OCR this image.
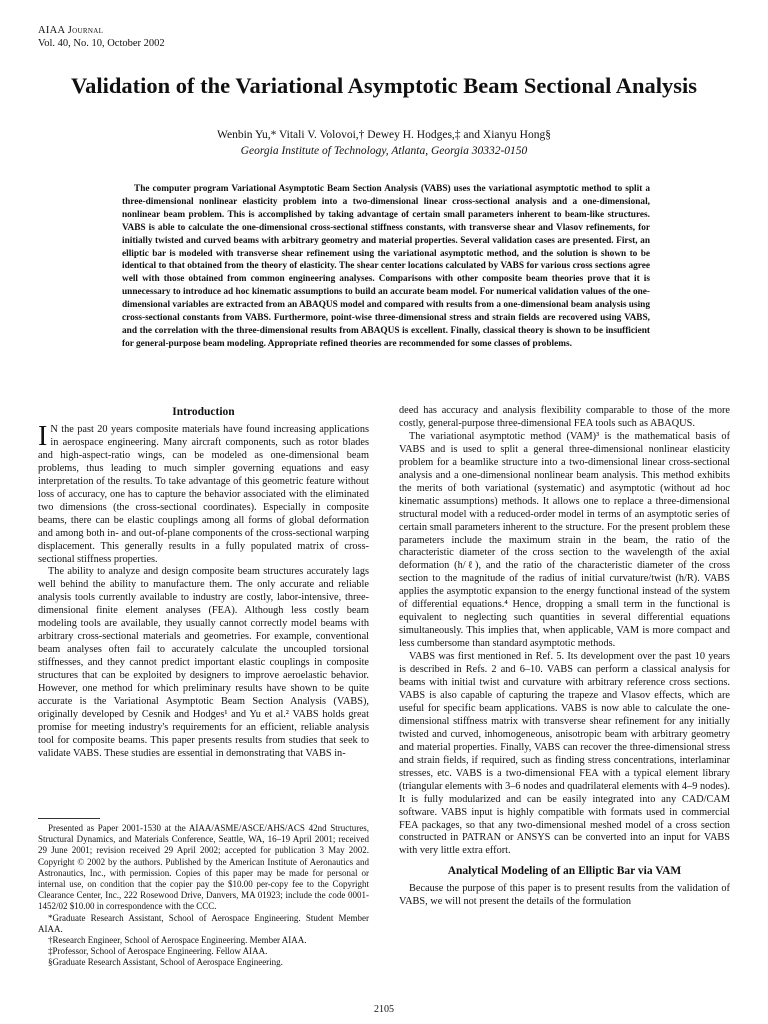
AIAA Journal
Vol. 40, No. 10, October 2002
Validation of the Variational Asymptotic Beam Sectional Analysis
Wenbin Yu,* Vitali V. Volovoi,† Dewey H. Hodges,‡ and Xianyu Hong§
Georgia Institute of Technology, Atlanta, Georgia 30332-0150
The computer program Variational Asymptotic Beam Section Analysis (VABS) uses the variational asymptotic method to split a three-dimensional nonlinear elasticity problem into a two-dimensional linear cross-sectional analysis and a one-dimensional, nonlinear beam problem. This is accomplished by taking advantage of certain small parameters inherent to beam-like structures. VABS is able to calculate the one-dimensional cross-sectional stiffness constants, with transverse shear and Vlasov refinements, for initially twisted and curved beams with arbitrary geometry and material properties. Several validation cases are presented. First, an elliptic bar is modeled with transverse shear refinement using the variational asymptotic method, and the solution is shown to be identical to that obtained from the theory of elasticity. The shear center locations calculated by VABS for various cross sections agree well with those obtained from common engineering analyses. Comparisons with other composite beam theories prove that it is unnecessary to introduce ad hoc kinematic assumptions to build an accurate beam model. For numerical validation values of the one-dimensional variables are extracted from an ABAQUS model and compared with results from a one-dimensional beam analysis using cross-sectional constants from VABS. Furthermore, point-wise three-dimensional stress and strain fields are recovered using VABS, and the correlation with the three-dimensional results from ABAQUS is excellent. Finally, classical theory is shown to be insufficient for general-purpose beam modeling. Appropriate refined theories are recommended for some classes of problems.
Introduction

I N the past 20 years composite materials have found increasing applications in aerospace engineering. Many aircraft components, such as rotor blades and high-aspect-ratio wings, can be modeled as one-dimensional beam problems, thus leading to much simpler governing equations and easy interpretation of the results. To take advantage of this geometric feature without loss of accuracy, one has to capture the behavior associated with the eliminated two dimensions (the cross-sectional coordinates). Especially in composite beams, there can be elastic couplings among all forms of global deformation and among both in- and out-of-plane components of the cross-sectional warping displacement. This generally results in a fully populated matrix of cross-sectional stiffness properties.

The ability to analyze and design composite beam structures accurately lags well behind the ability to manufacture them. The only accurate and reliable analysis tools currently available to industry are costly, labor-intensive, three-dimensional finite element analyses (FEA). Although less costly beam modeling tools are available, they usually cannot correctly model beams with arbitrary cross-sectional materials and geometries. For example, conventional beam analyses often fail to accurately calculate the uncoupled torsional stiffnesses, and they cannot predict important elastic couplings in composite structures that can be exploited by designers to improve aeroelastic behavior. However, one method for which preliminary results have shown to be quite accurate is the Variational Asymptotic Beam Section Analysis (VABS), originally developed by Cesnik and Hodges¹ and Yu et al.² VABS holds great promise for meeting industry's requirements for an efficient, reliable analysis tool for composite beams. This paper presents results from studies that seek to validate VABS. These studies are essential in demonstrating that VABS in-

deed has accuracy and analysis flexibility comparable to those of the more costly, general-purpose three-dimensional FEA tools such as ABAQUS.

The variational asymptotic method (VAM)³ is the mathematical basis of VABS and is used to split a general three-dimensional nonlinear elasticity problem for a beamlike structure into a two-dimensional linear cross-sectional analysis and a one-dimensional nonlinear beam analysis. This method exhibits the merits of both variational (systematic) and asymptotic (without ad hoc kinematic assumptions) methods. It allows one to replace a three-dimensional structural model with a reduced-order model in terms of an asymptotic series of certain small parameters inherent to the structure. For the present problem these parameters include the maximum strain in the beam, the ratio of the characteristic diameter of the cross section to the wavelength of the axial deformation (h/ℓ), and the ratio of the characteristic diameter of the cross section to the magnitude of the radius of initial curvature/twist (h/R). VABS applies the asymptotic expansion to the energy functional instead of the system of differential equations.⁴ Hence, dropping a small term in the functional is equivalent to neglecting such quantities in several differential equations simultaneously. This implies that, when applicable, VAM is more compact and less cumbersome than standard asymptotic methods.

VABS was first mentioned in Ref. 5. Its development over the past 10 years is described in Refs. 2 and 6–10. VABS can perform a classical analysis for beams with initial twist and curvature with arbitrary reference cross sections. VABS is also capable of capturing the trapeze and Vlasov effects, which are useful for specific beam applications. VABS is now able to calculate the one-dimensional stiffness matrix with transverse shear refinement for any initially twisted and curved, inhomogeneous, anisotropic beam with arbitrary geometry and material properties. Finally, VABS can recover the three-dimensional stress and strain fields, if required, such as finding stress concentrations, interlaminar stresses, etc. VABS is a two-dimensional FEA with a typical element library (triangular elements with 3–6 nodes and quadrilateral elements with 4–9 nodes). It is fully modularized and can be easily integrated into any CAD/CAM software. VABS input is highly compatible with formats used in commercial FEA packages, so that any two-dimensional meshed model of a cross section constructed in PATRAN or ANSYS can be converted into an input for VABS with very little extra effort.

Analytical Modeling of an Elliptic Bar via VAM

Because the purpose of this paper is to present results from the validation of VABS, we will not present the details of the formulation

Presented as Paper 2001-1530 at the AIAA/ASME/ASCE/AHS/ACS 42nd Structures, Structural Dynamics, and Materials Conference, Seattle, WA, 16–19 April 2001; received 29 June 2001; revision received 29 April 2002; accepted for publication 3 May 2002. Copyright © 2002 by the authors. Published by the American Institute of Aeronautics and Astronautics, Inc., with permission. Copies of this paper may be made for personal or internal use, on condition that the copier pay the $10.00 per-copy fee to the Copyright Clearance Center, Inc., 222 Rosewood Drive, Danvers, MA 01923; include the code 0001-1452/02 $10.00 in correspondence with the CCC.

*Graduate Research Assistant, School of Aerospace Engineering. Student Member AIAA.

†Research Engineer, School of Aerospace Engineering. Member AIAA.

‡Professor, School of Aerospace Engineering. Fellow AIAA.

§Graduate Research Assistant, School of Aerospace Engineering.

2105
